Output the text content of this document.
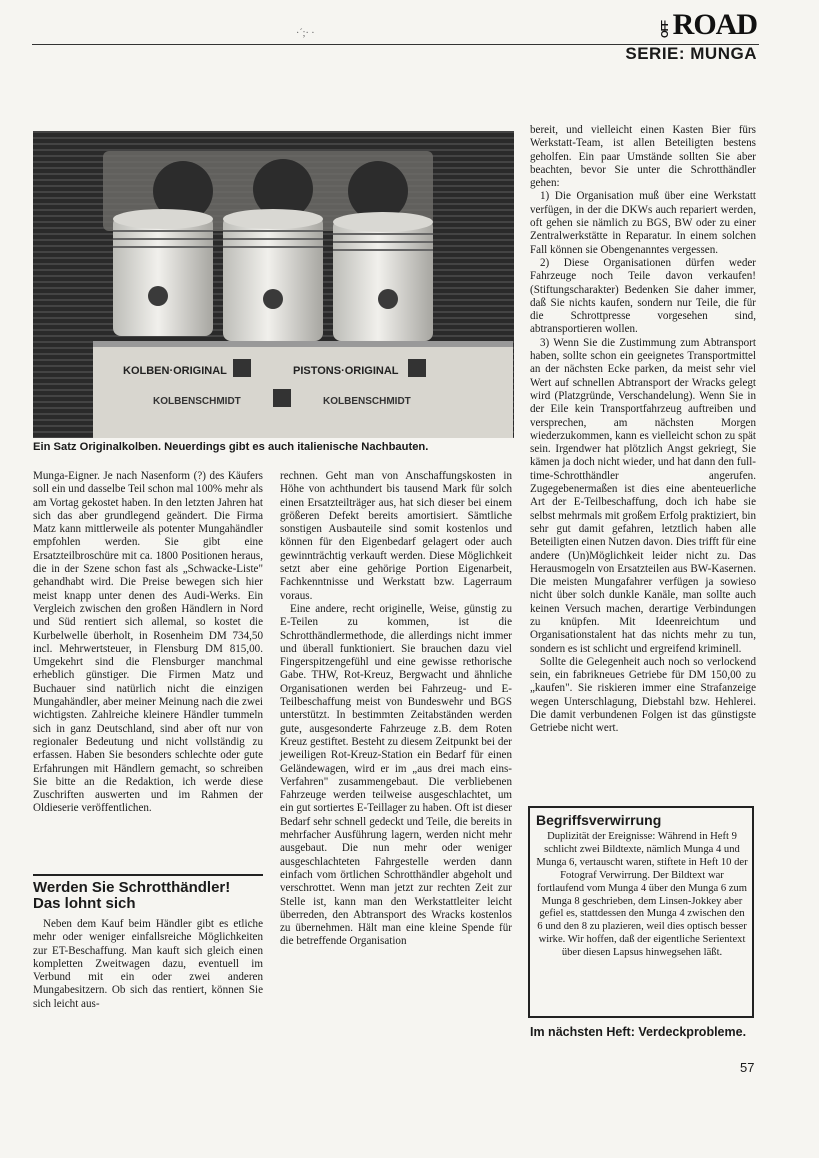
·´;· ·	OFF ROAD
SERIE: MUNGA
KOLBEN·ORIGINAL	PISTONS·ORIGINAL
KOLBENSCHMIDT	KOLBENSCHMIDT
Ein Satz Originalkolben. Neuerdings gibt es auch italienische Nachbauten.

Munga-Eigner. Je nach Nasenform (?) des Käufers soll ein und dasselbe Teil schon mal 100% mehr als am Vortag gekostet haben. In den letzten Jahren hat sich das aber grundlegend geändert. Die Firma Matz kann mittlerweile als potenter Mungahändler empfohlen werden. Sie gibt eine Ersatzteilbroschüre mit ca. 1800 Positionen heraus, die in der Szene schon fast als „Schwacke-Liste" gehandhabt wird. Die Preise bewegen sich hier meist knapp unter denen des Audi-Werks. Ein Vergleich zwischen den großen Händlern in Nord und Süd rentiert sich allemal, so kostet die Kurbelwelle überholt, in Rosenheim DM 734,50 incl. Mehrwertsteuer, in Flensburg DM 815,00. Umgekehrt sind die Flensburger manchmal erheblich günstiger. Die Firmen Matz und Buchauer sind natürlich nicht die einzigen Mungahändler, aber meiner Meinung nach die zwei wichtigsten. Zahlreiche kleinere Händler tummeln sich in ganz Deutschland, sind aber oft nur von regionaler Bedeutung und nicht vollständig zu erfassen. Haben Sie besonders schlechte oder gute Erfahrungen mit Händlern gemacht, so schreiben Sie bitte an die Redaktion, ich werde diese Zuschriften auswerten und im Rahmen der Oldieserie veröffentlichen.

Werden Sie Schrotthändler!
Das lohnt sich

Neben dem Kauf beim Händler gibt es etliche mehr oder weniger einfallsreiche Möglichkeiten zur ET-Beschaffung. Man kauft sich gleich einen kompletten Zweitwagen dazu, eventuell im Verbund mit ein oder zwei anderen Mungabesitzern. Ob sich das rentiert, können Sie sich leicht aus-

rechnen. Geht man von Anschaffungskosten in Höhe von achthundert bis tausend Mark für solch einen Ersatzteilträger aus, hat sich dieser bei einem größeren Defekt bereits amortisiert. Sämtliche sonstigen Ausbauteile sind somit kostenlos und können für den Eigenbedarf gelagert oder auch gewinnträchtig verkauft werden. Diese Möglichkeit setzt aber eine gehörige Portion Eigenarbeit, Fachkenntnisse und Werkstatt bzw. Lagerraum voraus.

Eine andere, recht originelle, Weise, günstig zu E-Teilen zu kommen, ist die Schrotthändlermethode, die allerdings nicht immer und überall funktioniert. Sie brauchen dazu viel Fingerspitzengefühl und eine gewisse rethorische Gabe. THW, Rot-Kreuz, Bergwacht und ähnliche Organisationen werden bei Fahrzeug- und E-Teilbeschaffung meist von Bundeswehr und BGS unterstützt. In bestimmten Zeitabständen werden gute, ausgesonderte Fahrzeuge z.B. dem Roten Kreuz gestiftet. Besteht zu diesem Zeitpunkt bei der jeweiligen Rot-Kreuz-Station ein Bedarf für einen Geländewagen, wird er im „aus drei mach eins-Verfahren" zusammengebaut. Die verbliebenen Fahrzeuge werden teilweise ausgeschlachtet, um ein gut sortiertes E-Teillager zu haben. Oft ist dieser Bedarf sehr schnell gedeckt und Teile, die bereits in mehrfacher Ausführung lagern, werden nicht mehr ausgebaut. Die nun mehr oder weniger ausgeschlachteten Fahrgestelle werden dann einfach vom örtlichen Schrotthändler abgeholt und verschrottet. Wenn man jetzt zur rechten Zeit zur Stelle ist, kann man den Werkstattleiter leicht überreden, den Abtransport des Wracks kostenlos zu übernehmen. Hält man eine kleine Spende für die betreffende Organisation

bereit, und vielleicht einen Kasten Bier fürs Werkstatt-Team, ist allen Beteiligten bestens geholfen. Ein paar Umstände sollten Sie aber beachten, bevor Sie unter die Schrotthändler gehen:

1) Die Organisation muß über eine Werkstatt verfügen, in der die DKWs auch repariert werden, oft gehen sie nämlich zu BGS, BW oder zu einer Zentralwerkstätte in Reparatur. In einem solchen Fall können sie Obengenanntes vergessen.

2) Diese Organisationen dürfen weder Fahrzeuge noch Teile davon verkaufen! (Stiftungscharakter) Bedenken Sie daher immer, daß Sie nichts kaufen, sondern nur Teile, die für die Schrottpresse vorgesehen sind, abtransportieren wollen.

3) Wenn Sie die Zustimmung zum Abtransport haben, sollte schon ein geeignetes Transportmittel an der nächsten Ecke parken, da meist sehr viel Wert auf schnellen Abtransport der Wracks gelegt wird (Platzgründe, Verschandelung). Wenn Sie in der Eile kein Transportfahrzeug auftreiben und versprechen, am nächsten Morgen wiederzukommen, kann es vielleicht schon zu spät sein. Irgendwer hat plötzlich Angst gekriegt, Sie kämen ja doch nicht wieder, und hat dann den full-time-Schrotthändler angerufen. Zugegebenermaßen ist dies eine abenteuerliche Art der E-Teilbeschaffung, doch ich habe sie selbst mehrmals mit großem Erfolg praktiziert, bin sehr gut damit gefahren, letztlich haben alle Beteiligten einen Nutzen davon. Dies trifft für eine andere (Un)Möglichkeit leider nicht zu. Das Herausmogeln von Ersatzteilen aus BW-Kasernen. Die meisten Mungafahrer verfügen ja sowieso nicht über solch dunkle Kanäle, man sollte auch keinen Versuch machen, derartige Verbindungen zu knüpfen. Mit Ideenreichtum und Organisationstalent hat das nichts mehr zu tun, sondern es ist schlicht und ergreifend kriminell.

Sollte die Gelegenheit auch noch so verlockend sein, ein fabrikneues Getriebe für DM 150,00 zu „kaufen". Sie riskieren immer eine Strafanzeige wegen Unterschlagung, Diebstahl bzw. Hehlerei. Die damit verbundenen Folgen ist das günstigste Getriebe nicht wert.

Begriffsverwirrung
Duplizität der Ereignisse: Während in Heft 9 schlicht zwei Bildtexte, nämlich Munga 4 und Munga 6, vertauscht waren, stiftete in Heft 10 der Fotograf Verwirrung. Der Bildtext war fortlaufend vom Munga 4 über den Munga 6 zum Munga 8 geschrieben, dem Linsen-Jokkey aber gefiel es, stattdessen den Munga 4 zwischen den 6 und den 8 zu plazieren, weil dies optisch besser wirke. Wir hoffen, daß der eigentliche Serientext über diesen Lapsus hinwegsehen läßt.
Im nächsten Heft: Verdeckprobleme.
57
